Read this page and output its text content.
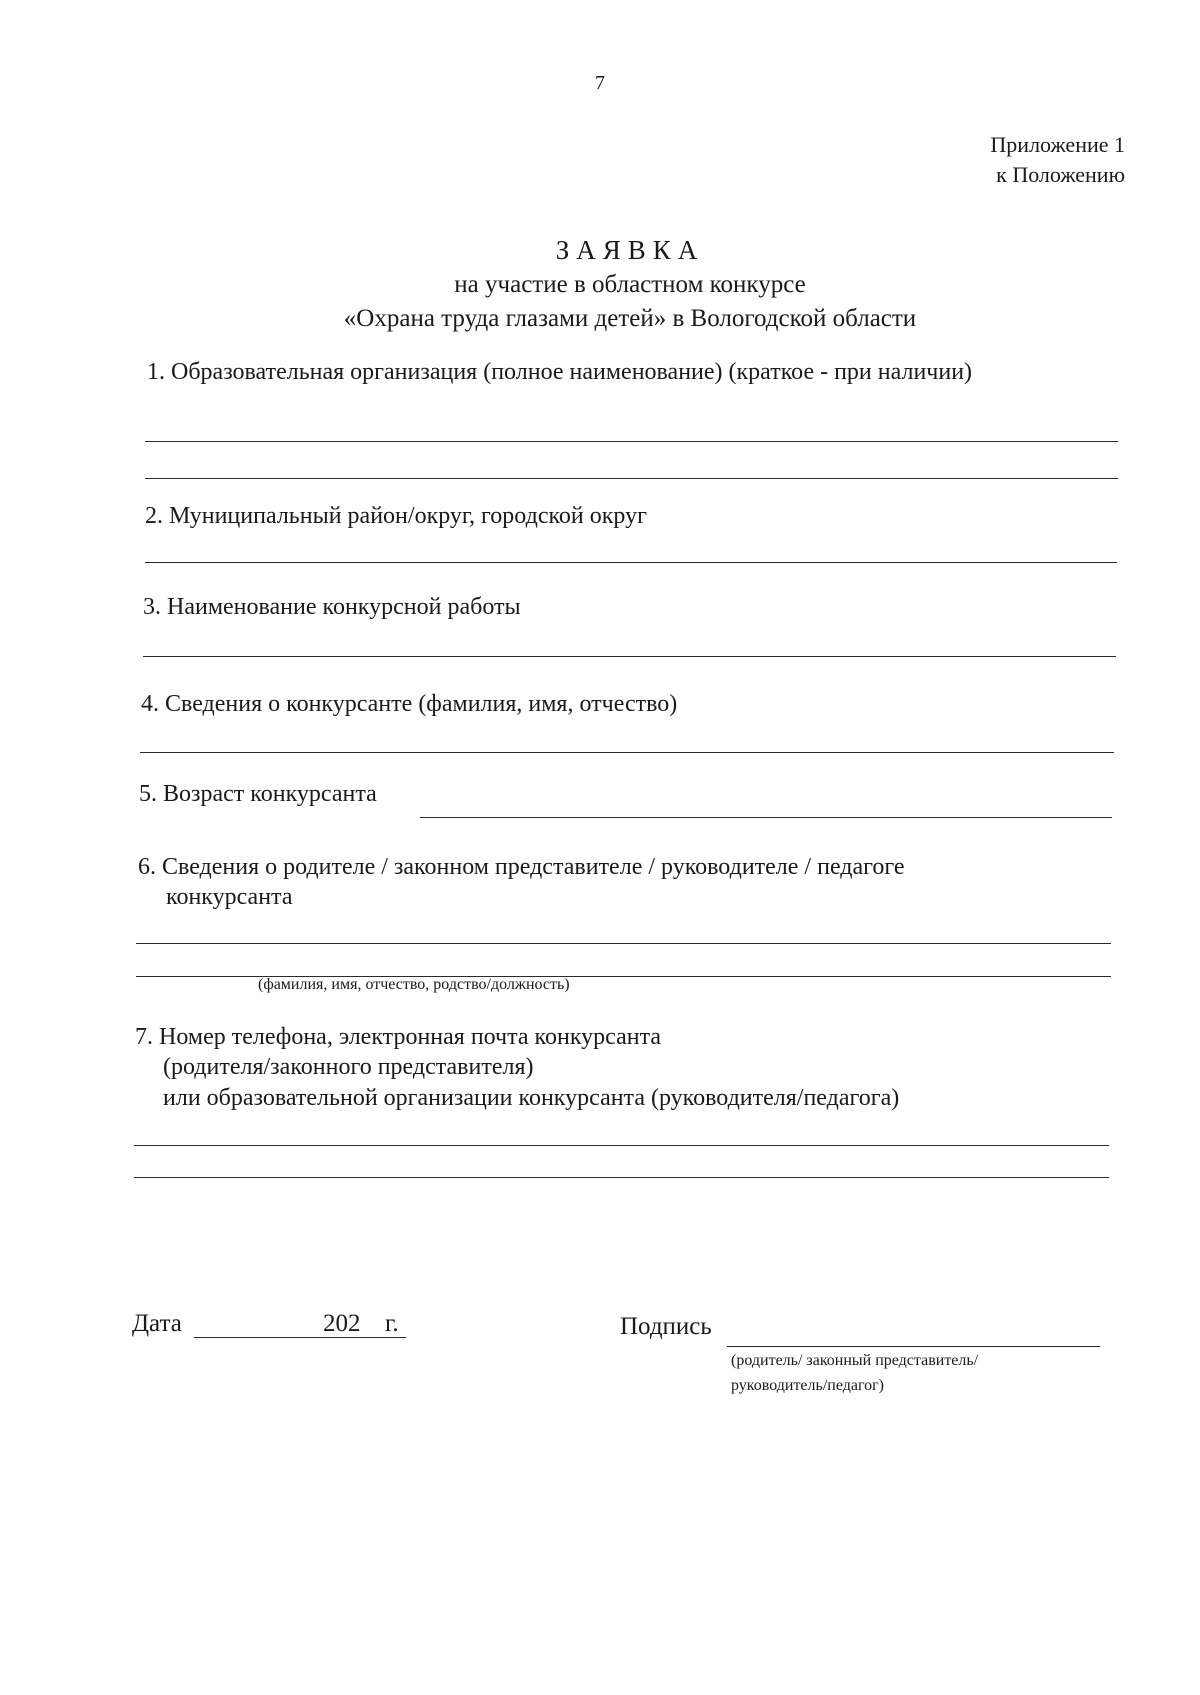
7
Приложение 1
к Положению
ЗАЯВКА
на участие в областном конкурсе
«Охрана труда глазами детей» в Вологодской области
1. Образовательная организация (полное наименование) (краткое - при наличии)
2. Муниципальный район/округ, городской округ
3. Наименование конкурсной работы
4. Сведения о конкурсанте (фамилия, имя, отчество)
5. Возраст конкурсанта
6. Сведения о родителе / законном представителе / руководителе / педагоге
конкурсанта
(фамилия, имя, отчество, родство/должность)
7. Номер телефона, электронная почта конкурсанта
(родителя/законного представителя)
или образовательной организации конкурсанта (руководителя/педагога)
Дата	202 г.	Подпись
(родитель/ законный представитель/
руководитель/педагог)
